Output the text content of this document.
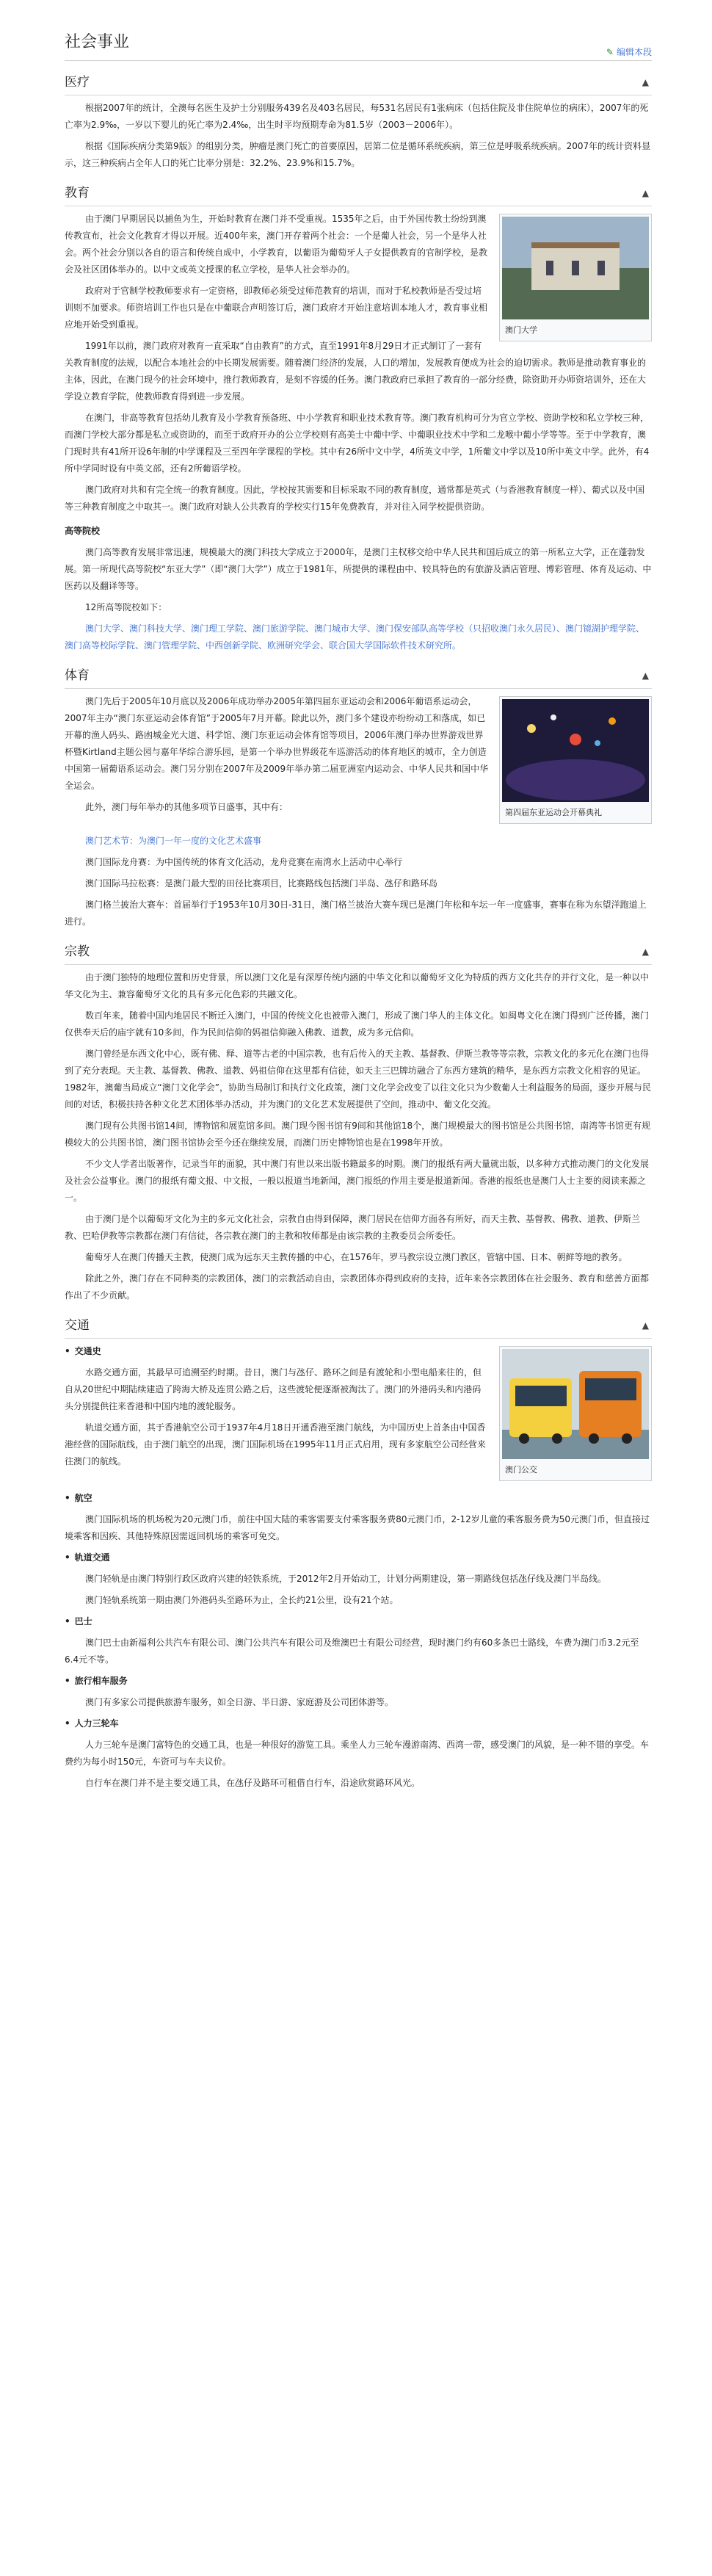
社会事业
✎ 编辑本段
医疗	▲

根据2007年的统计，全澳每名医生及护士分别服务439名及403名居民，每531名居民有1张病床（包括住院及非住院单位的病床），2007年的死亡率为2.9‰，一岁以下婴儿的死亡率为2.4‰，出生时平均预期寿命为81.5岁（2003－2006年）。

根据《国际疾病分类第9版》的组别分类，肿瘤是澳门死亡的首要原因，居第二位是循环系统疾病，第三位是呼吸系统疾病。2007年的统计资料显示，这三种疾病占全年人口的死亡比率分别是：32.2%、23.9%和15.7%。

教育	▲
澳门大学

由于澳门早期居民以捕鱼为生，开始时教育在澳门并不受重视。1535年之后，由于外国传教士纷纷到澳传教宣布，社会文化教育才得以开展。近400年来，澳门开存着两个社会：一个是葡人社会，另一个是华人社会。两个社会分别以各自的语言和传统自成中，小学教育，以葡语为葡萄牙人子女提供教育的官制学校，是教会及社区团体举办的。以中文或英文授课的私立学校，是华人社会举办的。

政府对于官制学校教师要求有一定资格，即教师必须受过师范教育的培训，而对于私校教师是否受过培训则不加要求。师资培训工作也只是在中葡联合声明签订后，澳门政府才开始注意培训本地人才，教育事业相应地开始受到重视。

1991年以前，澳门政府对教育一直采取“自由教育”的方式，直至1991年8月29日才正式制订了一套有关教育制度的法规，以配合本地社会的中长期发展需要。随着澳门经济的发展，人口的增加，发展教育便成为社会的迫切需求。教师是推动教育事业的主体，因此，在澳门现今的社会环境中，推行教师教育，是刻不容缓的任务。澳门教政府已承担了教育的一部分经费，除资助开办师资培训外，还在大学设立教育学院，使教师教育得到进一步发展。

在澳门，非高等教育包括幼儿教育及小学教育预备班、中小学教育和职业技术教育等。澳门教育机构可分为官立学校、资助学校和私立学校三种，而澳门学校大部分都是私立或资助的，而至于政府开办的公立学校则有高美士中葡中学、中葡职业技术中学和二龙喉中葡小学等等。至于中学教育，澳门现时共有41所开设6年制的中学课程及三至四年学课程的学校。其中有26所中文中学，4所英文中学，1所葡文中学以及10所中英文中学。此外，有4所中学同时设有中英文部，还有2所葡语学校。

澳门政府对共和有完全统一的教育制度。因此，学校按其需要和目标采取不同的教育制度，通常都是英式（与香港教育制度一样）、葡式以及中国等三种教育制度之中取其一。澳门政府对缺人公共教育的学校实行15年免费教育，并对往入同学校提供资助。

高等院校

澳门高等教育发展非常迅速，规模最大的澳门科技大学成立于2000年，是澳门主权移交给中华人民共和国后成立的第一所私立大学，正在蓬勃发展。第一所现代高等院校“东亚大学”（即“澳门大学”）成立于1981年，所提供的课程由中、较具特色的有旅游及酒店管理、博彩管理、体育及运动、中医药以及翻译等等。

12所高等院校如下：

澳门大学、澳门科技大学、澳门理工学院、澳门旅游学院、澳门城市大学、澳门保安部队高等学校（只招收澳门永久居民）、澳门镜湖护理学院、澳门高等校际学院、澳门管理学院、中西创新学院、欧洲研究学会、联合国大学国际软件技术研究所。

体育	▲
第四届东亚运动会开幕典礼

澳门先后于2005年10月底以及2006年成功举办2005年第四届东亚运动会和2006年葡语系运动会，2007年主办“澳门东亚运动会体育馆”于2005年7月开幕。除此以外，澳门多个建设亦纷纷动工和落成，如已开幕的渔人码头、路凼城金光大道、科学馆、澳门东亚运动会体育馆等项目，2006年澳门举办世界游戏世界杯暨Kirtland主题公园与嘉年华综合游乐园，是第一个举办世界级花车巡游活动的体育地区的城市，全力创造中国第一届葡语系运动会。澳门另分别在2007年及2009年举办第二届亚洲室内运动会、中华人民共和国中华全运会。

此外，澳门每年举办的其他多项节日盛事，其中有：

澳门艺术节：为澳门一年一度的文化艺术盛事

澳门国际龙舟赛：为中国传统的体育文化活动，龙舟竞赛在南湾水上活动中心举行

澳门国际马拉松赛：是澳门最大型的田径比赛项目，比赛路线包括澳门半岛、氹仔和路环岛

澳门格兰披治大赛车：首届举行于1953年10月30日-31日，澳门格兰披治大赛车现已是澳门年松和车坛一年一度盛事，赛事在称为东望洋跑道上进行。

宗教	▲

由于澳门独特的地理位置和历史背景，所以澳门文化是有深厚传统内涵的中华文化和以葡萄牙文化为特质的西方文化共存的并行文化，是一种以中华文化为主、兼容葡萄牙文化的具有多元化色彩的共融文化。

数百年来，随着中国内地居民不断迁入澳门，中国的传统文化也被带入澳门，形成了澳门华人的主体文化。如闽粤文化在澳门得到广泛传播，澳门仅供奉天后的庙宇就有10多间，作为民间信仰的妈祖信仰融入佛教、道教，成为多元信仰。

澳门曾经是东西文化中心，既有佛、释、道等古老的中国宗教，也有后传入的天主教、基督教、伊斯兰教等等宗教，宗教文化的多元化在澳门也得到了充分表现。天主教、基督教、佛教、道教、妈祖信仰在这里都有信徒，如天主三巴牌坊融合了东西方建筑的精华，是东西方宗教文化相容的见证。1982年，澳葡当局成立“澳门文化学会”，协助当局制订和执行文化政策，澳门文化学会改变了以往文化只为少数葡人士利益服务的局面，逐步开展与民间的对话，积极扶持各种文化艺术团体举办活动，并为澳门的文化艺术发展提供了空间，推动中、葡文化交流。

澳门现有公共图书馆14间，博物馆和展览馆多间。澳门现今图书馆有9间和其他馆18个，澳门规模最大的图书馆是公共图书馆，南湾等书馆更有规模较大的公共图书馆，澳门图书馆协会至今还在继续发展，而澳门历史博物馆也是在1998年开放。

不少文人学者出版著作，记录当年的面貌，其中澳门有世以来出版书籍最多的时期。澳门的报纸有两大量就出版，以多种方式推动澳门的文化发展及社会公益事业。澳门的报纸有葡文报、中文报，一般以报道当地新闻，澳门报纸的作用主要是报道新闻。香港的报纸也是澳门人士主要的阅读来源之一。

由于澳门是个以葡萄牙文化为主的多元文化社会，宗教自由得到保障，澳门居民在信仰方面各有所好，而天主教、基督教、佛教、道教、伊斯兰教、巴哈伊教等宗教都在澳门有信徒，各宗教在澳门的主教和牧师都是由该宗教的主教委员会所委任。

葡萄牙人在澳门传播天主教，使澳门成为远东天主教传播的中心，在1576年，罗马教宗设立澳门教区，管辖中国、日本、朝鲜等地的教务。

除此之外，澳门存在不同种类的宗教团体，澳门的宗教活动自由，宗教团体亦得到政府的支持，近年来各宗教团体在社会服务、教育和慈善方面都作出了不少贡献。

交通	▲
澳门公交

• 交通史

水路交通方面，其最早可追溯至约时期。昔日，澳门与氹仔、路环之间是有渡轮和小型电船来往的，但自从20世纪中期陆续建造了跨海大桥及连贯公路之后，这些渡轮便逐渐被淘汰了。澳门的外港码头和内港码头分别提供往来香港和中国内地的渡轮服务。

轨道交通方面，其于香港航空公司于1937年4月18日开通香港至澳门航线，为中国历史上首条由中国香港经营的国际航线，由于澳门航空的出现，澳门国际机场在1995年11月正式启用，现有多家航空公司经营来往澳门的航线。

• 航空

澳门国际机场的机场税为20元澳门币，前往中国大陆的乘客需要支付乘客服务费80元澳门币，2-12岁儿童的乘客服务费为50元澳门币，但直接过境乘客和因疾、其他特殊原因需返回机场的乘客可免交。

• 轨道交通

澳门轻轨是由澳门特别行政区政府兴建的轻铁系统，于2012年2月开始动工，计划分两期建设，第一期路线包括氹仔线及澳门半岛线。

澳门轻轨系统第一期由澳门外港码头至路环为止，全长约21公里，设有21个站。

• 巴士

澳门巴士由新福利公共汽车有限公司、澳门公共汽车有限公司及维澳巴士有限公司经营，现时澳门约有60多条巴士路线，车费为澳门币3.2元至6.4元不等。

• 旅行相车服务

澳门有多家公司提供旅游车服务，如全日游、半日游、家庭游及公司团体游等。

• 人力三轮车

人力三轮车是澳门富特色的交通工具，也是一种很好的游览工具。乘坐人力三轮车漫游南湾、西湾一带，感受澳门的风貌，是一种不错的享受。车费约为每小时150元，车资可与车夫议价。

自行车在澳门并不是主要交通工具，在氹仔及路环可租借自行车，沿途欣赏路环风光。
